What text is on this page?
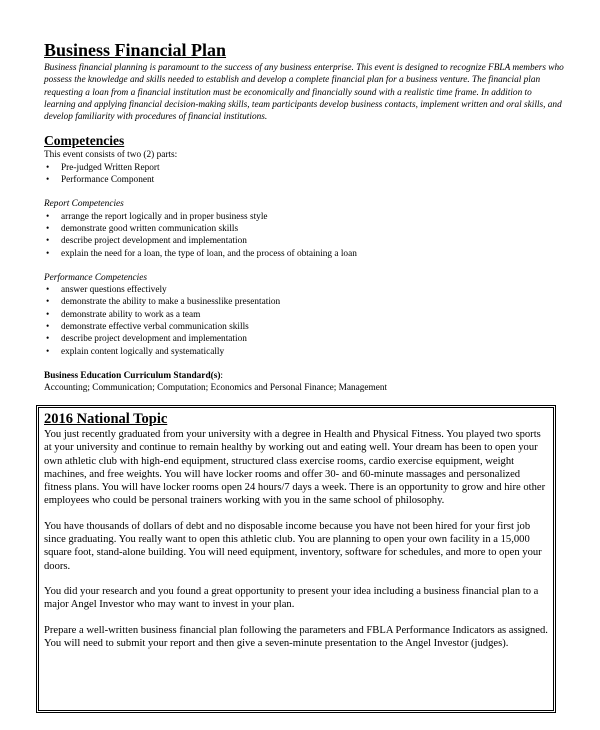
Business Financial Plan

Business financial planning is paramount to the success of any business enterprise. This event is designed to recognize FBLA members who possess the knowledge and skills needed to establish and develop a complete financial plan for a business venture. The financial plan requesting a loan from a financial institution must be economically and financially sound with a realistic time frame. In addition to learning and applying financial decision-making skills, team participants develop business contacts, implement written and oral skills, and develop familiarity with procedures of financial institutions.

Competencies

This event consists of two (2) parts:

• Pre-judged Written Report
• Performance Component

Report Competencies

• arrange the report logically and in proper business style
• demonstrate good written communication skills
• describe project development and implementation
• explain the need for a loan, the type of loan, and the process of obtaining a loan

Performance Competencies

• answer questions effectively
• demonstrate the ability to make a businesslike presentation
• demonstrate ability to work as a team
• demonstrate effective verbal communication skills
• describe project development and implementation
• explain content logically and systematically

Business Education Curriculum Standard(s):

Accounting; Communication; Computation; Economics and Personal Finance; Management

2016 National Topic

You just recently graduated from your university with a degree in Health and Physical Fitness. You played two sports at your university and continue to remain healthy by working out and eating well. Your dream has been to open your own athletic club with high-end equipment, structured class exercise rooms, cardio exercise equipment, weight machines, and free weights. You will have locker rooms and offer 30- and 60-minute massages and personalized fitness plans. You will have locker rooms open 24 hours/7 days a week. There is an opportunity to grow and hire other employees who could be personal trainers working with you in the same school of philosophy.

You have thousands of dollars of debt and no disposable income because you have not been hired for your first job since graduating. You really want to open this athletic club. You are planning to open your own facility in a 15,000 square foot, stand-alone building. You will need equipment, inventory, software for schedules, and more to open your doors.

You did your research and you found a great opportunity to present your idea including a business financial plan to a major Angel Investor who may want to invest in your plan.

Prepare a well-written business financial plan following the parameters and FBLA Performance Indicators as assigned. You will need to submit your report and then give a seven-minute presentation to the Angel Investor (judges).
